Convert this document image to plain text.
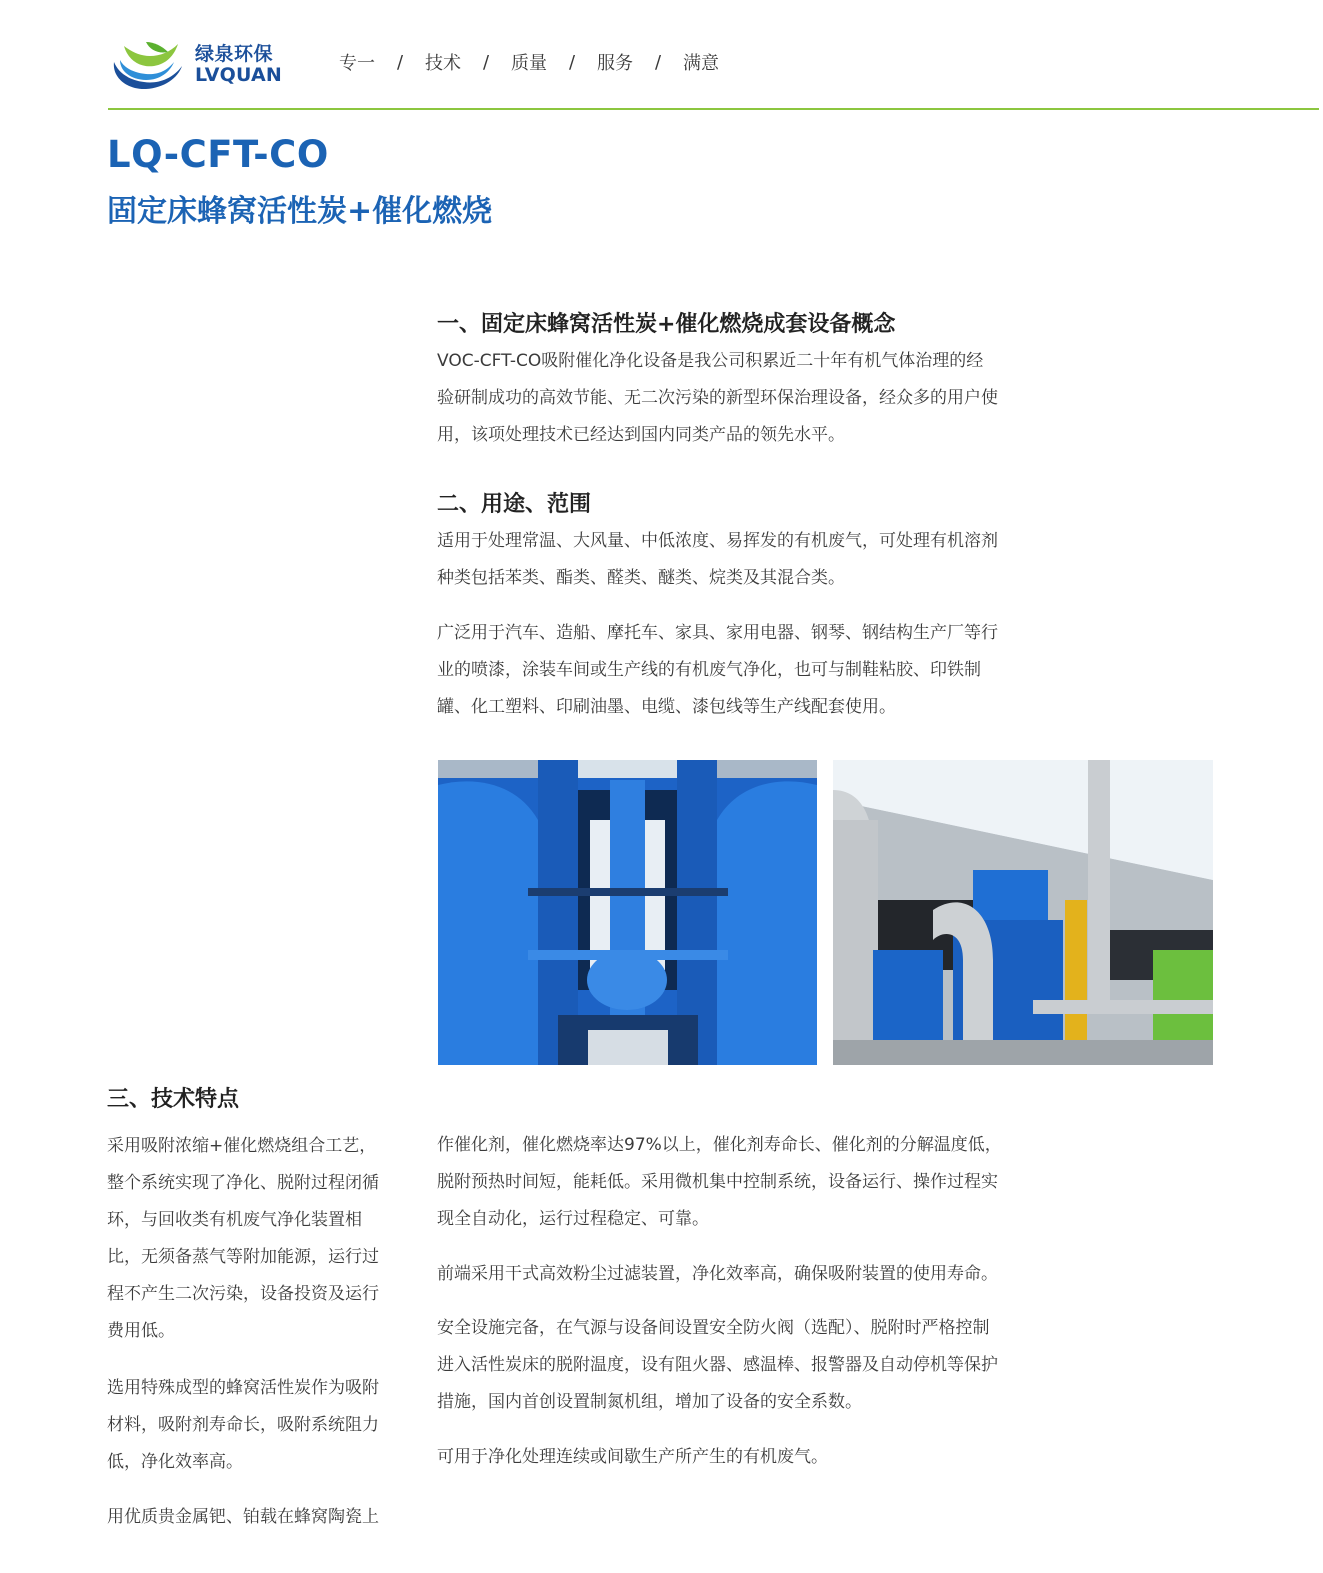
绿泉环保
LVQUAN
专一	/	技术	/	质量	/	服务	/	满意
LQ-CFT-CO
固定床蜂窝活性炭+催化燃烧
一、固定床蜂窝活性炭+催化燃烧成套设备概念
VOC-CFT-CO吸附催化净化设备是我公司积累近二十年有机气体治理的经
验研制成功的高效节能、无二次污染的新型环保治理设备，经众多的用户使
用，该项处理技术已经达到国内同类产品的领先水平。
二、用途、范围
适用于处理常温、大风量、中低浓度、易挥发的有机废气，可处理有机溶剂
种类包括苯类、酯类、醛类、醚类、烷类及其混合类。
广泛用于汽车、造船、摩托车、家具、家用电器、钢琴、钢结构生产厂等行
业的喷漆，涂装车间或生产线的有机废气净化，也可与制鞋粘胶、印铁制
罐、化工塑料、印刷油墨、电缆、漆包线等生产线配套使用。
三、技术特点
采用吸附浓缩+催化燃烧组合工艺，
整个系统实现了净化、脱附过程闭循
环，与回收类有机废气净化装置相
比，无须备蒸气等附加能源，运行过
程不产生二次污染，设备投资及运行
费用低。
选用特殊成型的蜂窝活性炭作为吸附
材料，吸附剂寿命长，吸附系统阻力
低，净化效率高。
用优质贵金属钯、铂载在蜂窝陶瓷上
作催化剂，催化燃烧率达97%以上，催化剂寿命长、催化剂的分解温度低，
脱附预热时间短，能耗低。采用微机集中控制系统，设备运行、操作过程实
现全自动化，运行过程稳定、可靠。
前端采用干式高效粉尘过滤装置，净化效率高，确保吸附装置的使用寿命。
安全设施完备，在气源与设备间设置安全防火阀（选配）、脱附时严格控制
进入活性炭床的脱附温度，设有阻火器、感温棒、报警器及自动停机等保护
措施，国内首创设置制氮机组，增加了设备的安全系数。
可用于净化处理连续或间歇生产所产生的有机废气。
